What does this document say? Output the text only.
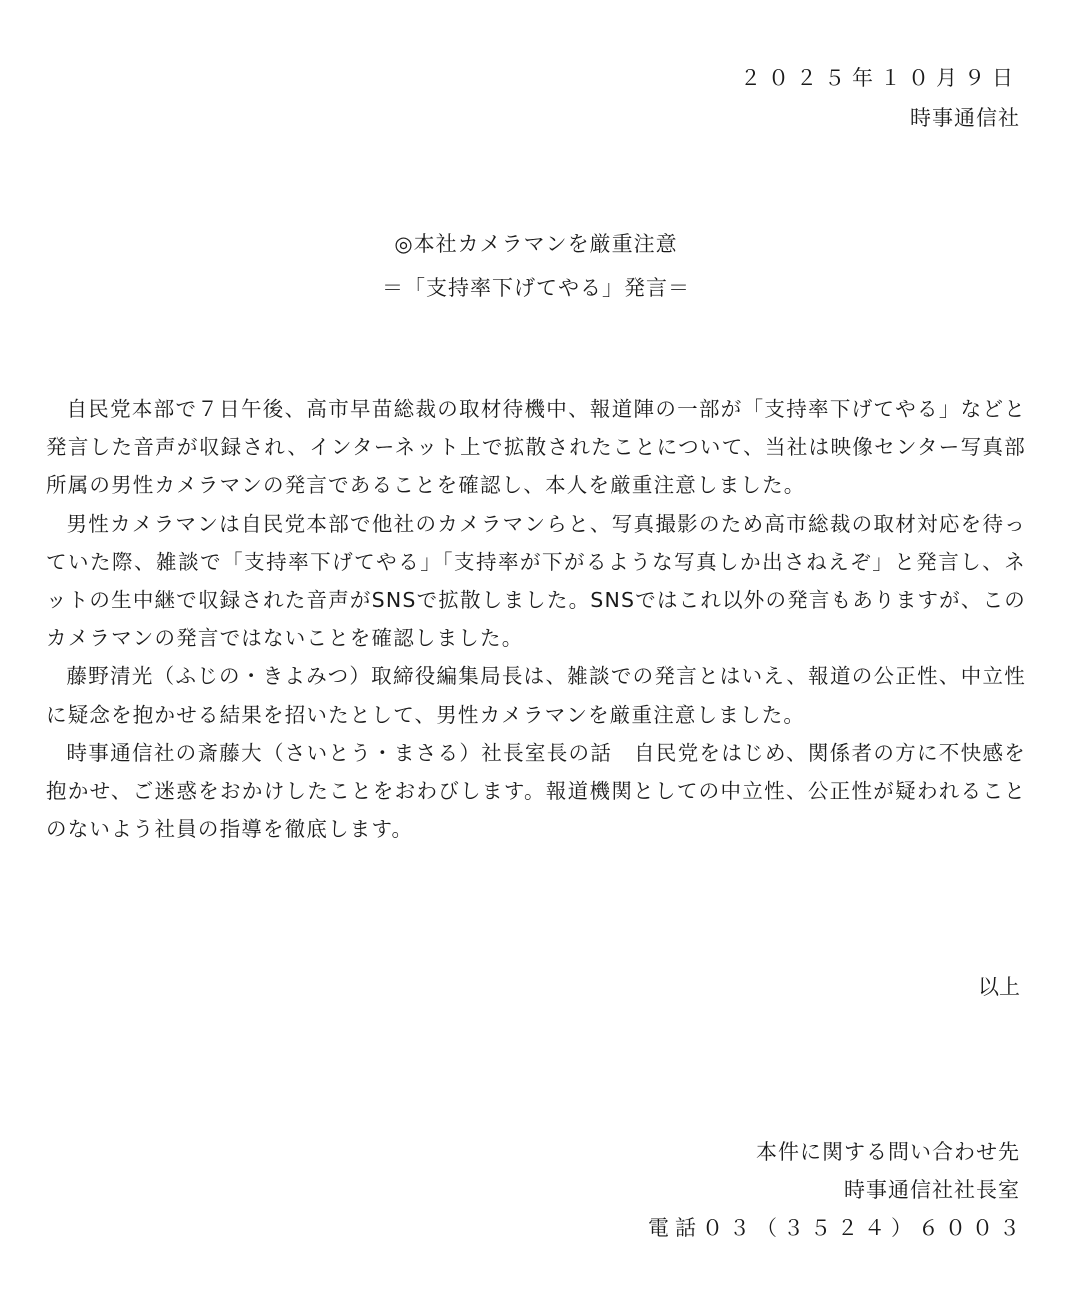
２０２５年１０月９日
時事通信社
◎本社カメラマンを厳重注意
＝「支持率下げてやる」発言＝

自民党本部で７日午後、高市早苗総裁の取材待機中、報道陣の一部が「支持率下げてやる」などと発言した音声が収録され、インターネット上で拡散されたことについて、当社は映像センター写真部所属の男性カメラマンの発言であることを確認し、本人を厳重注意しました。

男性カメラマンは自民党本部で他社のカメラマンらと、写真撮影のため高市総裁の取材対応を待っていた際、雑談で「支持率下げてやる」「支持率が下がるような写真しか出さねえぞ」と発言し、ネットの生中継で収録された音声がSNSで拡散しました。SNSではこれ以外の発言もありますが、このカメラマンの発言ではないことを確認しました。

藤野清光（ふじの・きよみつ）取締役編集局長は、雑談での発言とはいえ、報道の公正性、中立性に疑念を抱かせる結果を招いたとして、男性カメラマンを厳重注意しました。

時事通信社の斎藤大（さいとう・まさる）社長室長の話　自民党をはじめ、関係者の方に不快感を抱かせ、ご迷惑をおかけしたことをおわびします。報道機関としての中立性、公正性が疑われることのないよう社員の指導を徹底します。

以上
本件に関する問い合わせ先
時事通信社社長室
電話０３（３５２４）６００３
